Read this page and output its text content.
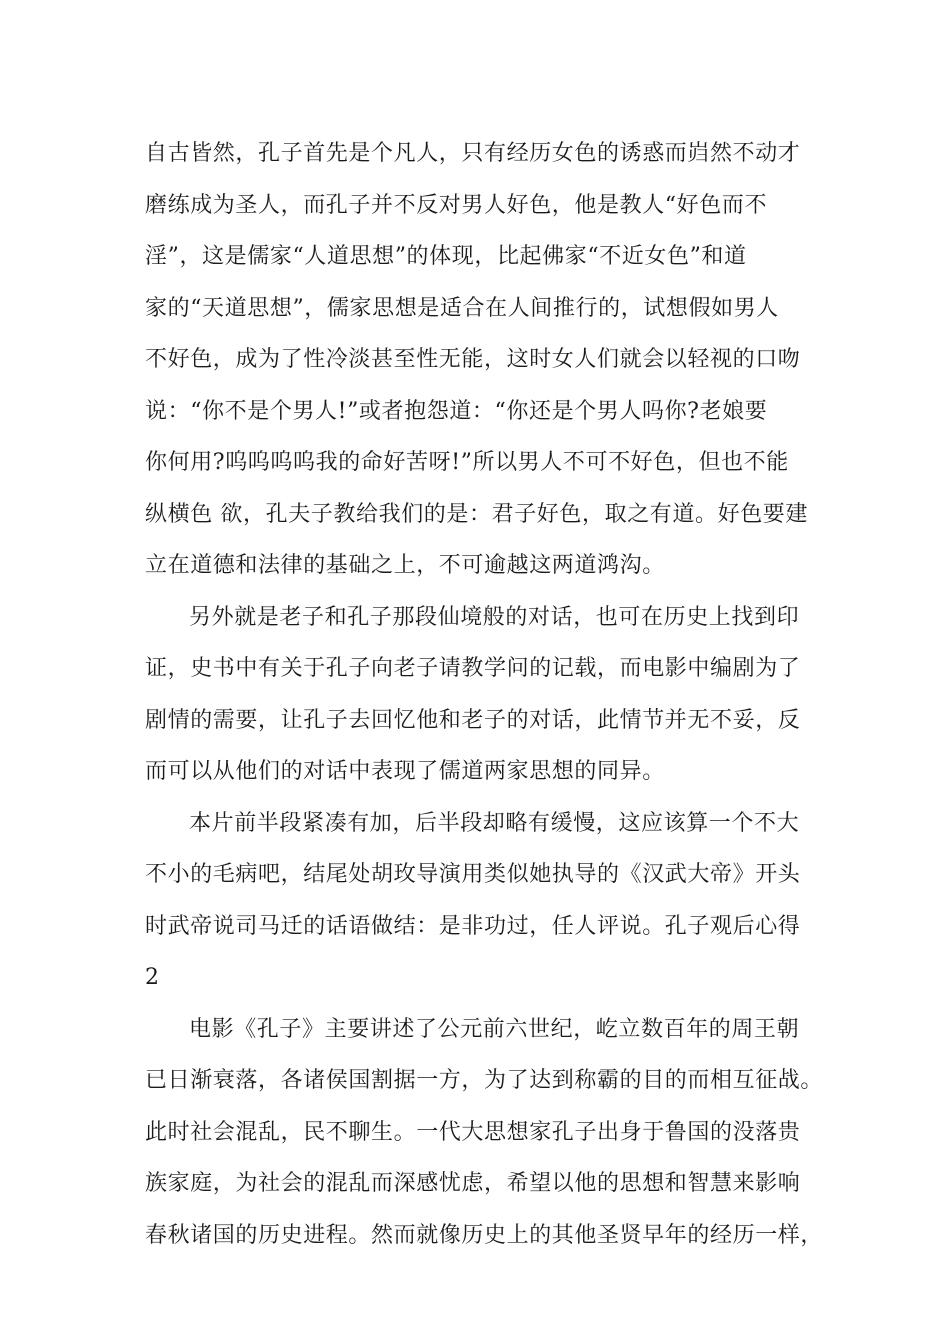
自古皆然，孔子首先是个凡人，只有经历女色的诱惑而岿然不动才
磨练成为圣人，而孔子并不反对男人好色，他是教人“好色而不
淫”，这是儒家“人道思想”的体现，比起佛家“不近女色”和道
家的“天道思想”，儒家思想是适合在人间推行的，试想假如男人
不好色，成为了性冷淡甚至性无能，这时女人们就会以轻视的口吻
说：“你不是个男人!”或者抱怨道：“你还是个男人吗你?老娘要
你何用?呜呜呜呜我的命好苦呀!”所以男人不可不好色，但也不能
纵横色 欲，孔夫子教给我们的是：君子好色，取之有道。好色要建
立在道德和法律的基础之上，不可逾越这两道鸿沟。
另外就是老子和孔子那段仙境般的对话，也可在历史上找到印
证，史书中有关于孔子向老子请教学问的记载，而电影中编剧为了
剧情的需要，让孔子去回忆他和老子的对话，此情节并无不妥，反
而可以从他们的对话中表现了儒道两家思想的同异。
本片前半段紧凑有加，后半段却略有缓慢，这应该算一个不大
不小的毛病吧，结尾处胡玫导演用类似她执导的《汉武大帝》开头
时武帝说司马迁的话语做结：是非功过，任人评说。孔子观后心得
2
电影《孔子》主要讲述了公元前六世纪，屹立数百年的周王朝
已日渐衰落，各诸侯国割据一方，为了达到称霸的目的而相互征战。
此时社会混乱，民不聊生。一代大思想家孔子出身于鲁国的没落贵
族家庭，为社会的混乱而深感忧虑，希望以他的思想和智慧来影响
春秋诸国的历史进程。然而就像历史上的其他圣贤早年的经历一样，
